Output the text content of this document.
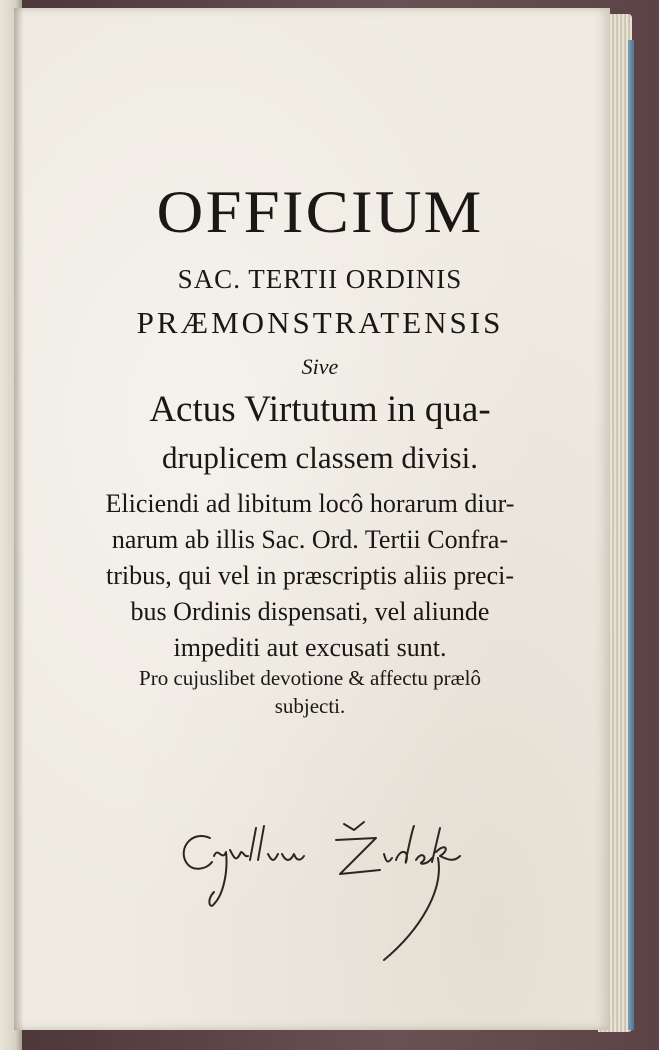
OFFICIUM
SAC. TERTII ORDINIS
PRÆMONSTRATENSIS
Sive
Actus Virtutum in qua-
druplicem classem divisi.
Eliciendi ad libitum locô horarum diur-
narum ab illis Sac. Ord. Tertii Confra-
tribus, qui vel in præscriptis aliis preci-
bus Ordinis dispensati, vel aliunde
impediti aut excusati sunt.
Pro cujuslibet devotione & affectu prælô
subjecti.
